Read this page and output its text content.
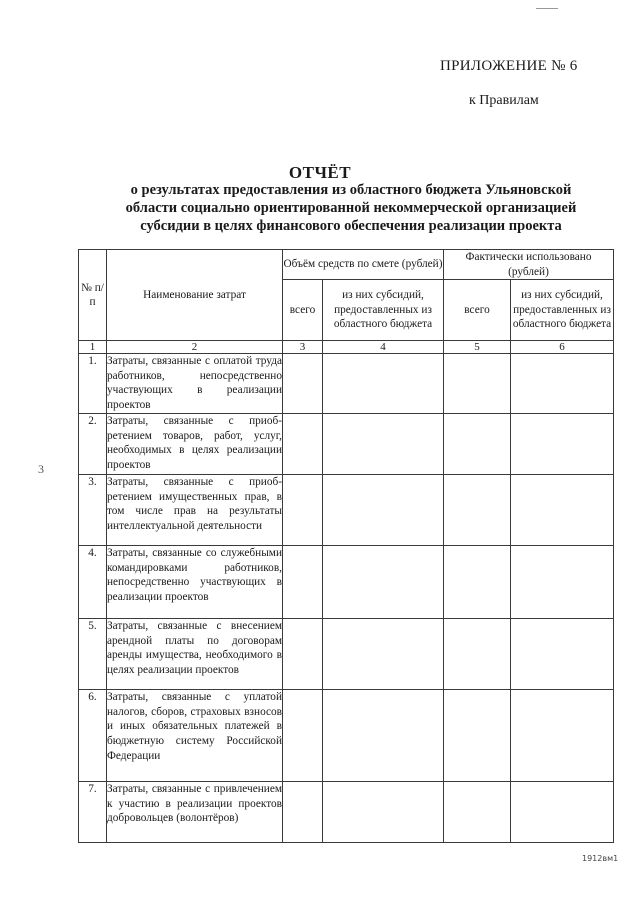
ПРИЛОЖЕНИЕ № 6
к Правилам
ОТЧЁТ
о результатах предоставления из областного бюджета Ульяновской
области социально ориентированной некоммерческой организацией
субсидии в целях финансового обеспечения реализации проекта
3
№ п/п	Наименование затрат	Объём средств по смете (рублей)		Фактически использовано (рублей)	
		всего	из них субсидий, предоставленных из областного бюджета	всего	из них субсидий, предоставленных из областного бюджета
1	2	3	4	5	6
1.	Затраты, связанные с оплатой труда работников, непосредственно участвующих в реализации проектов				
2.	Затраты, связанные с приобретением товаров, работ, услуг, необходимых в целях реализации проектов				
3.	Затраты, связанные с приобретением имущественных прав, в том числе прав на результаты интеллектуальной деятельности				
4.	Затраты, связанные со служебными командировками работников, непосредственно участвующих в реализации проектов				
5.	Затраты, связанные с внесением арендной платы по договорам аренды имущества, необходимого в целях реализации проектов				
6.	Затраты, связанные с уплатой налогов, сборов, страховых взносов и иных обязательных платежей в бюджетную систему Российской Федерации				
7.	Затраты, связанные с привлечением к участию в реализации проектов добровольцев (волонтёров)				
1912вм1
